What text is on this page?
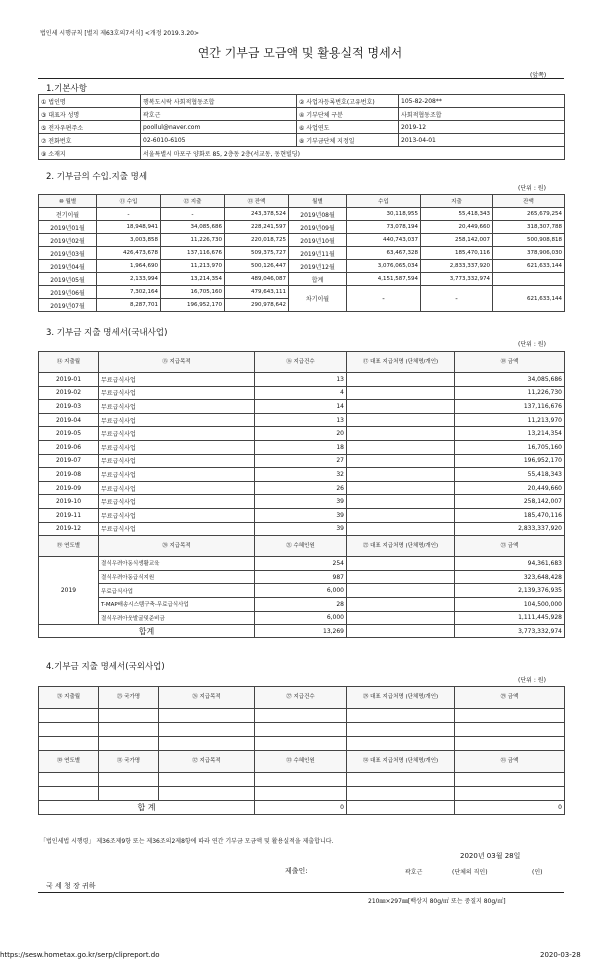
법인세 시행규칙 [별지 제63호의7서식] <개정 2019.3.20>
연간 기부금 모금액 및 활용실적 명세서
(앞쪽)
1.기본사항
① 법인명	행복도시락 사회적협동조합	② 사업자등록번호(고유번호)	105-82-208**
③ 대표자 성명	곽호근	④ 기부단체 구분	사회적협동조합
⑤ 전자우편주소	poollul@naver.com	⑥ 사업연도	2019-12
⑦ 전화번호	02-6010-6105	⑧ 기부금단체 지정일	2013-04-01
⑨ 소재지	서울특별시 마포구 양화로 85, 2층동 2층(서교동, 동현빌딩)		
2. 기부금의 수입.지출 명세
(단위 : 원)
⑩ 월별	⑪ 수입	⑫ 지출	⑬ 잔액	월별	수입	지출	잔액
전기이월	-	-	243,378,524	2019년08월	30,118,955	55,418,343	265,679,254
2019년01월	18,948,941	34,085,686	228,241,597	2019년09월	73,078,194	20,449,660	318,307,788
2019년02월	3,003,858	11,226,730	220,018,725	2019년10월	440,743,037	258,142,007	500,908,818
2019년03월	426,473,678	137,116,676	509,375,727	2019년11월	63,467,328	185,470,116	378,906,030
2019년04월	1,964,690	11,213,970	500,126,447	2019년12월	3,076,065,034	2,833,337,920	621,633,144
2019년05월	2,133,994	13,214,354	489,046,087	합계	4,151,587,594	3,773,332,974	
2019년06월	7,302,164	16,705,160	479,643,111	차기이월	-	-	621,633,144
2019년07월	8,287,701	196,952,170	290,978,642				
3. 기부금 지출 명세서(국내사업)
(단위 : 원)
⑭ 지출월	⑮ 지급목적	⑯ 지급건수	⑰ 대표 지급처명 (단체명/개인)	⑱ 금액
2019-01	무료급식사업	13		34,085,686
2019-02	무료급식사업	4		11,226,730
2019-03	무료급식사업	14		137,116,676
2019-04	무료급식사업	13		11,213,970
2019-05	무료급식사업	20		13,214,354
2019-06	무료급식사업	18		16,705,160
2019-07	무료급식사업	27		196,952,170
2019-08	무료급식사업	32		55,418,343
2019-09	무료급식사업	26		20,449,660
2019-10	무료급식사업	39		258,142,007
2019-11	무료급식사업	39		185,470,116
2019-12	무료급식사업	39		2,833,337,920
⑲ 연도별	⑳ 지급목적	㉑ 수혜인원	㉒ 대표 지급처명 (단체명/개인)	㉓ 금액
2019	결식우려아동식생활교육	254		94,361,683
	결식우려아동급식지원	987		323,648,428
	무료급식사업	6,000		2,139,376,935
	T-MAP배송시스템구축-무료급식사업	28		104,500,000
	결식우려아웃발굴및준비금	6,000		1,111,445,928
합계		13,269		3,773,332,974
4.기부금 지출 명세서(국외사업)
(단위 : 원)
㉔ 지출월	㉕ 국가명	㉖ 지급목적	㉗ 지급건수	㉘ 대표 지급처명 (단체명/개인)	㉙ 금액

㉚ 연도별	㉛ 국가명	㉜ 지급목적	㉝ 수혜인원	㉞ 대표 지급처명 (단체명/개인)	㉟ 금액

합 계			0		0
「법인세법 시행령」 제36조제9항 또는 제36조의2제8항에 따라 연간 기부금 모금액 및 활용실적을 제출합니다.
2020년 03월 28일
제출인:	곽호근	(단체의 직인)	(인)
국 세 청 장 귀하
210㎜×297㎜[백상지 80g/㎡ 또는 중질지 80g/㎡]
https://sesw.hometax.go.kr/serp/clipreport.do	2020-03-28
